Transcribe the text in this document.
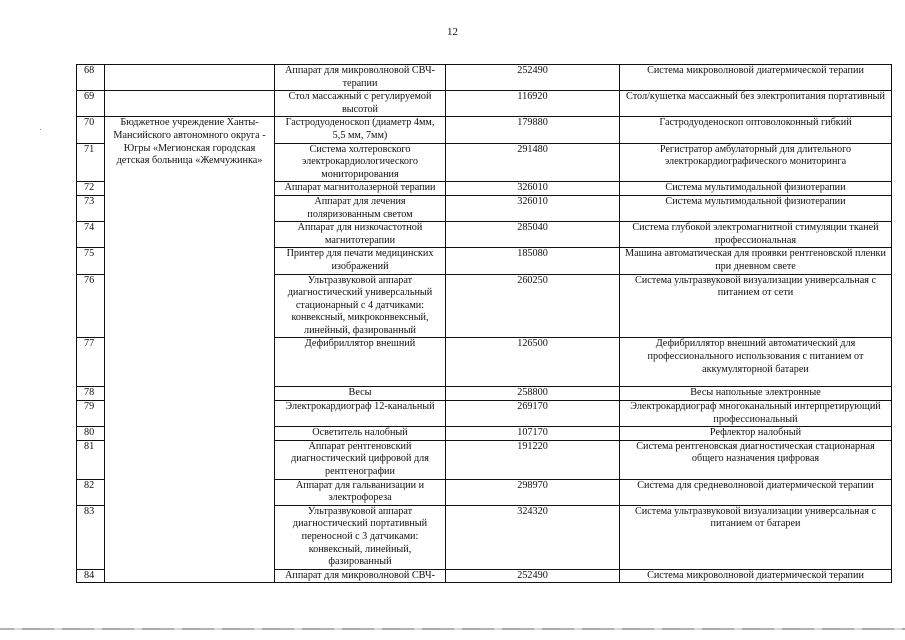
12
68		Аппарат для микроволновой СВЧ-терапии	252490	Система микроволновой диатермической терапии
69		Стол массажный с регулируемой высотой	116920	Стол/кушетка массажный без электропитания портативный
70	Бюджетное учреждение Ханты-Мансийского автономного округа - Югры «Мегионская городская детская больница «Жемчужинка»	Гастродуоденоскоп (диаметр 4мм, 5,5 мм, 7мм)	179880	Гастродуоденоскоп оптоволоконный гибкий
71		Система холтеровского электрокардиологического мониторирования	291480	Регистратор амбулаторный для длительного электрокардиографического мониторинга
72		Аппарат магнитолазерной терапии	326010	Система мультимодальной физиотерапии
73		Аппарат для лечения поляризованным светом	326010	Система мультимодальной физиотерапии
74		Аппарат для низкочастотной магнитотерапии	285040	Система глубокой электромагнитной стимуляции тканей профессиональная
75		Принтер для печати медицинских изображений	185080	Машина автоматическая для проявки рентгеновской пленки при дневном свете
76		Ультразвуковой аппарат диагностический универсальный стационарный с 4 датчиками: конвексный, микроконвексный, линейный, фазированный	260250	Система ультразвуковой визуализации универсальная с питанием от сети
77		Дефибриллятор внешний	126500	Дефибриллятор внешний автоматический для профессионального использования с питанием от аккумуляторной батареи
78		Весы	258800	Весы напольные электронные
79		Электрокардиограф 12-канальный	269170	Электрокардиограф многоканальный интерпретирующий профессиональный
80		Осветитель налобный	107170	Рефлектор налобный
81		Аппарат рентгеновский диагностический цифровой для рентгенографии	191220	Система рентгеновская диагностическая стационарная общего назначения цифровая
82		Аппарат для гальванизации и электрофореза	298970	Система для средневолновой диатермической терапии
83		Ультразвуковой аппарат диагностический портативный переносной с 3 датчиками: конвексный, линейный, фазированный	324320	Система ультразвуковой визуализации универсальная с питанием от батареи
84		Аппарат для микроволновой СВЧ-	252490	Система микроволновой диатермической терапии
